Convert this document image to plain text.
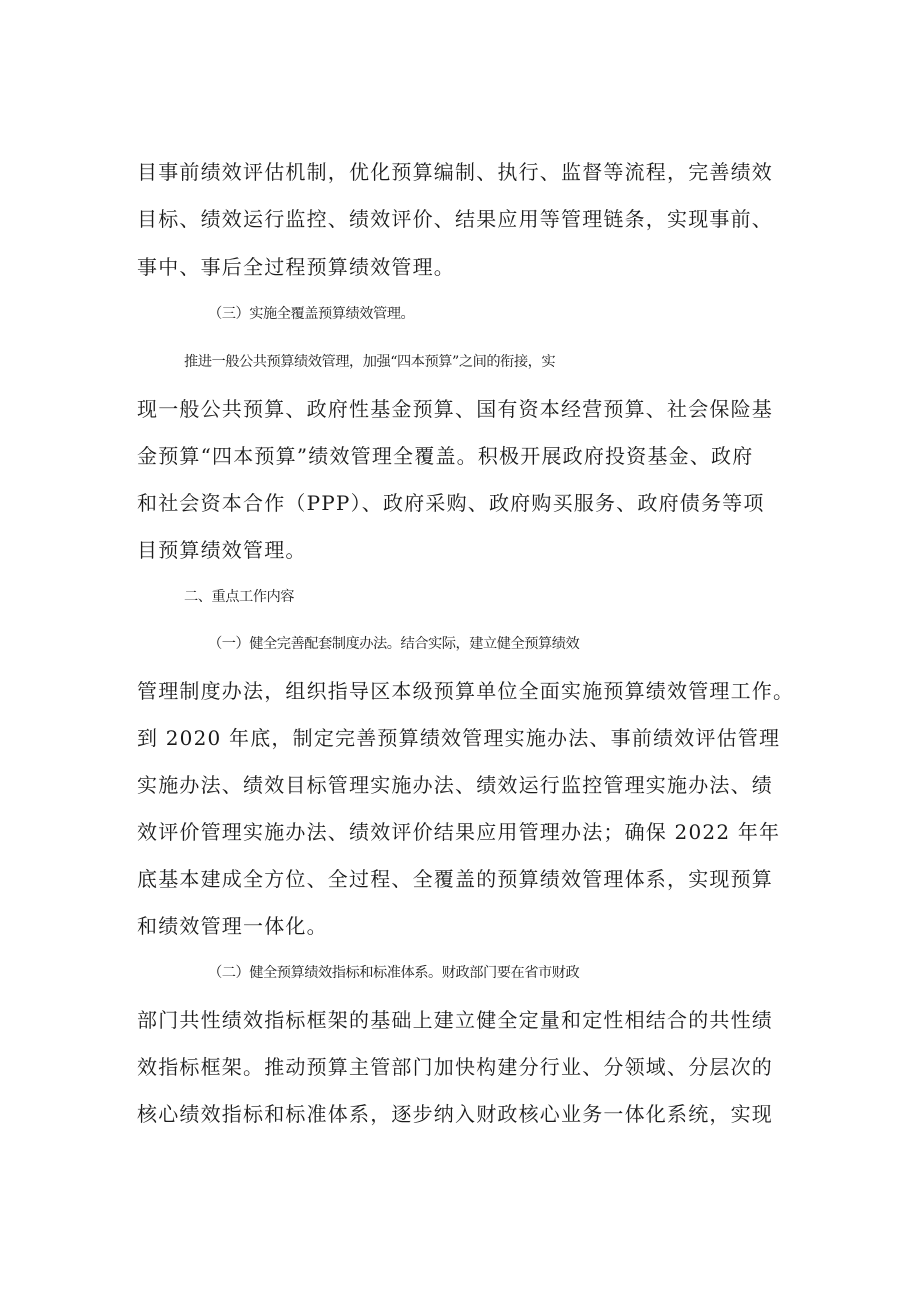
目事前绩效评估机制，优化预算编制、执行、监督等流程，完善绩效
目标、绩效运行监控、绩效评价、结果应用等管理链条，实现事前、
事中、事后全过程预算绩效管理。
（三）实施全覆盖预算绩效管理。
推进一般公共预算绩效管理，加强“四本预算”之间的衔接，实
现一般公共预算、政府性基金预算、国有资本经营预算、社会保险基
金预算“四本预算”绩效管理全覆盖。积极开展政府投资基金、政府
和社会资本合作（PPP）、政府采购、政府购买服务、政府债务等项
目预算绩效管理。
二、重点工作内容
（一）健全完善配套制度办法。结合实际，建立健全预算绩效
管理制度办法，组织指导区本级预算单位全面实施预算绩效管理工作。
到 2020 年底，制定完善预算绩效管理实施办法、事前绩效评估管理
实施办法、绩效目标管理实施办法、绩效运行监控管理实施办法、绩
效评价管理实施办法、绩效评价结果应用管理办法；确保 2022 年年
底基本建成全方位、全过程、全覆盖的预算绩效管理体系，实现预算
和绩效管理一体化。
（二）健全预算绩效指标和标准体系。财政部门要在省市财政
部门共性绩效指标框架的基础上建立健全定量和定性相结合的共性绩
效指标框架。推动预算主管部门加快构建分行业、分领域、分层次的
核心绩效指标和标准体系，逐步纳入财政核心业务一体化系统，实现
